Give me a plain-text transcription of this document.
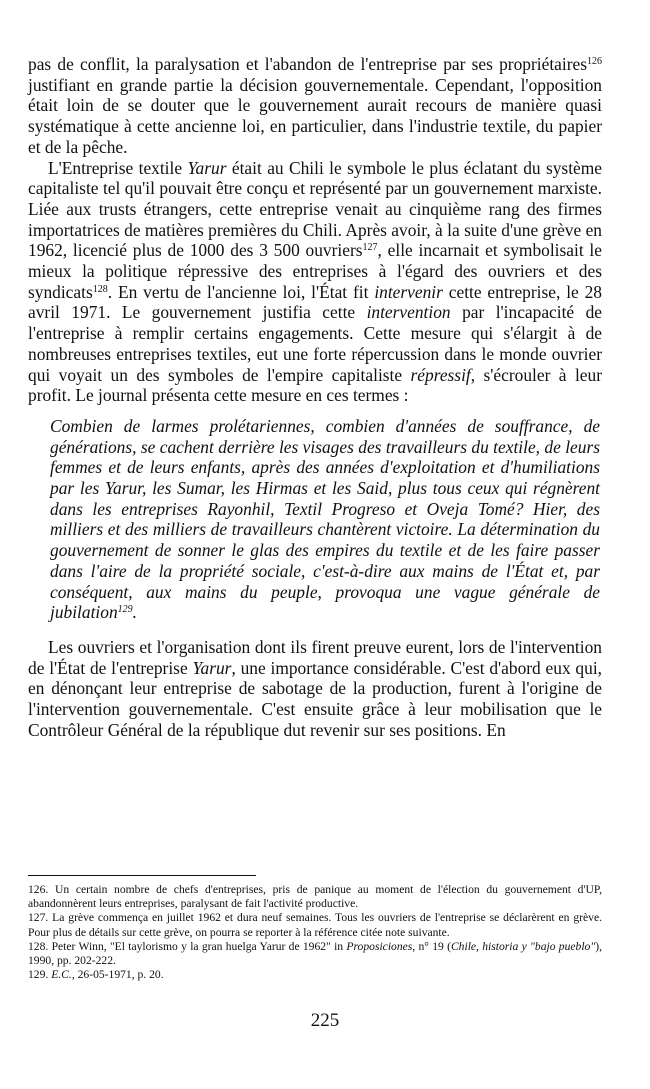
pas de conflit, la paralysation et l'abandon de l'entreprise par ses propriétaires$^{126}$ justifiant en grande partie la décision gouvernementale. Cependant, l'opposition était loin de se douter que le gouvernement aurait recours de manière quasi systématique à cette ancienne loi, en particulier, dans l'industrie textile, du papier et de la pêche.

L'Entreprise textile Yarur était au Chili le symbole le plus éclatant du système capitaliste tel qu'il pouvait être conçu et représenté par un gouvernement marxiste. Liée aux trusts étrangers, cette entreprise venait au cinquième rang des firmes importatrices de matières premières du Chili. Après avoir, à la suite d'une grève en 1962, licencié plus de 1000 des 3 500 ouvriers$^{127}$, elle incarnait et symbolisait le mieux la politique répressive des entreprises à l'égard des ouvriers et des syndicats$^{128}$. En vertu de l'ancienne loi, l'État fit intervenir cette entreprise, le 28 avril 1971. Le gouvernement justifia cette intervention par l'incapacité de l'entreprise à remplir certains engagements. Cette mesure qui s'élargit à de nombreuses entreprises textiles, eut une forte répercussion dans le monde ouvrier qui voyait un des symboles de l'empire capitaliste répressif, s'écrouler à leur profit. Le journal présenta cette mesure en ces termes :

Combien de larmes prolétariennes, combien d'années de souffrance, de générations, se cachent derrière les visages des travailleurs du textile, de leurs femmes et de leurs enfants, après des années d'exploitation et d'humiliations par les Yarur, les Sumar, les Hirmas et les Said, plus tous ceux qui régnèrent dans les entreprises Rayonhil, Textil Progreso et Oveja Tomé? Hier, des milliers et des milliers de travailleurs chantèrent victoire. La détermination du gouvernement de sonner le glas des empires du textile et de les faire passer dans l'aire de la propriété sociale, c'est-à-dire aux mains de l'État et, par conséquent, aux mains du peuple, provoqua une vague générale de jubilation$^{129}$.

Les ouvriers et l'organisation dont ils firent preuve eurent, lors de l'intervention de l'État de l'entreprise Yarur, une importance considérable. C'est d'abord eux qui, en dénonçant leur entreprise de sabotage de la production, furent à l'origine de l'intervention gouvernementale. C'est ensuite grâce à leur mobilisation que le Contrôleur Général de la république dut revenir sur ses positions. En

126. Un certain nombre de chefs d'entreprises, pris de panique au moment de l'élection du gouvernement d'UP, abandonnèrent leurs entreprises, paralysant de fait l'activité productive.

127. La grève commença en juillet 1962 et dura neuf semaines. Tous les ouvriers de l'entreprise se déclarèrent en grève. Pour plus de détails sur cette grève, on pourra se reporter à la référence citée note suivante.

128. Peter Winn, "El taylorismo y la gran huelga Yarur de 1962" in Proposiciones, n° 19 (Chile, historia y "bajo pueblo"), 1990, pp. 202-222.

129. E.C., 26-05-1971, p. 20.

225
